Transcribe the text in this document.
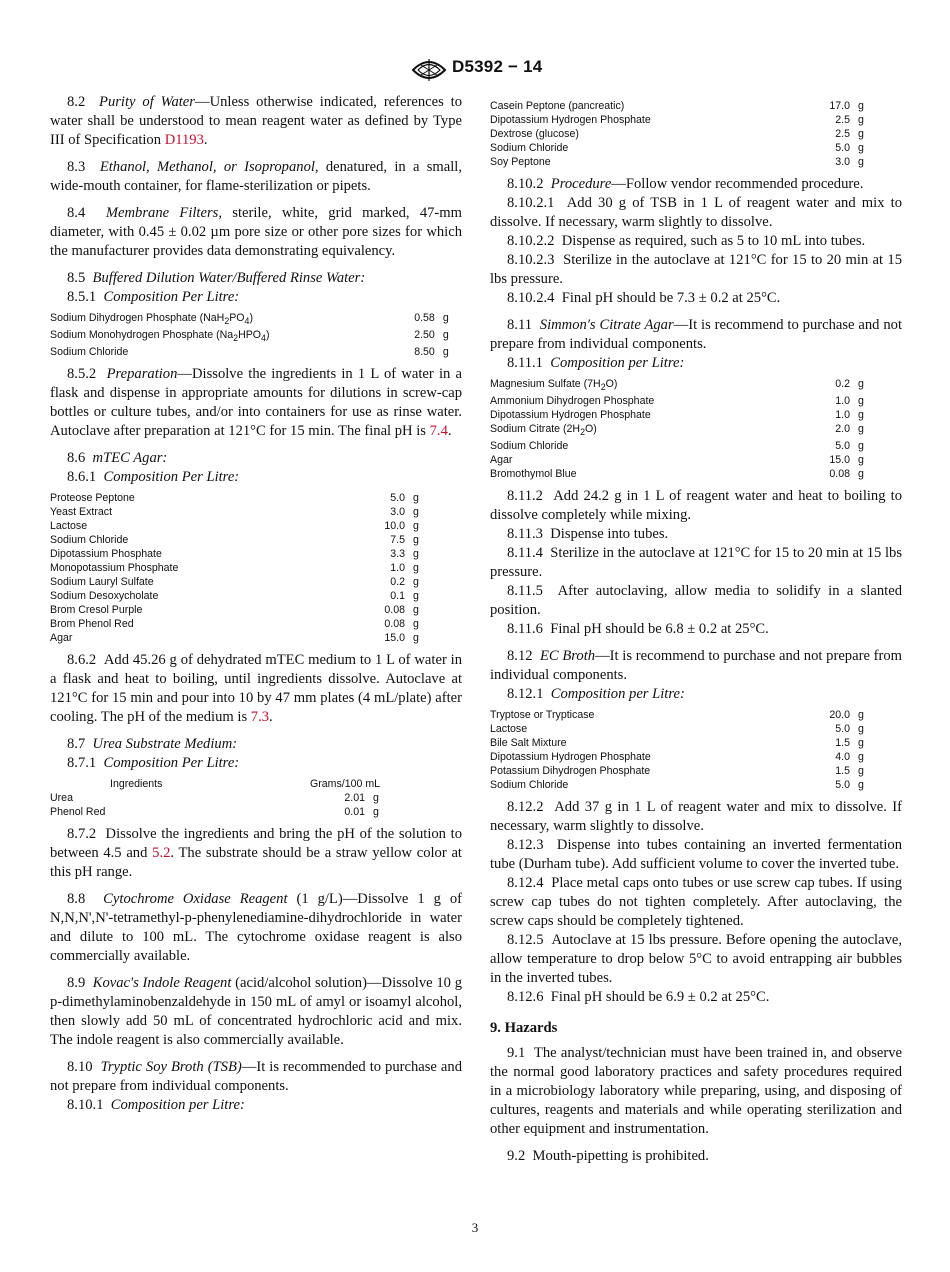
D5392 − 14

8.2 Purity of Water—Unless otherwise indicated, references to water shall be understood to mean reagent water as defined by Type III of Specification D1193.

8.3 Ethanol, Methanol, or Isopropanol, denatured, in a small, wide-mouth container, for flame-sterilization or pipets.

8.4 Membrane Filters, sterile, white, grid marked, 47-mm diameter, with 0.45 ± 0.02 µm pore size or other pore sizes for which the manufacturer provides data demonstrating equivalency.

8.5 Buffered Dilution Water/Buffered Rinse Water:

8.5.1 Composition Per Litre:

Sodium Dihydrogen Phosphate $(NaH_2PO_4)$	0.58 g
Sodium Monohydrogen Phosphate $(Na_2HPO_4)$	2.50 g
Sodium Chloride	8.50 g

8.5.2 Preparation—Dissolve the ingredients in 1 L of water in a flask and dispense in appropriate amounts for dilutions in screw-cap bottles or culture tubes, and/or into containers for use as rinse water. Autoclave after preparation at 121°C for 15 min. The final pH is 7.4.

8.6 mTEC Agar:

8.6.1 Composition Per Litre:

Proteose Peptone	5.0 g
Yeast Extract	3.0 g
Lactose	10.0 g
Sodium Chloride	7.5 g
Dipotassium Phosphate	3.3 g
Monopotassium Phosphate	1.0 g
Sodium Lauryl Sulfate	0.2 g
Sodium Desoxycholate	0.1 g
Brom Cresol Purple	0.08 g
Brom Phenol Red	0.08 g
Agar	15.0 g

8.6.2 Add 45.26 g of dehydrated mTEC medium to 1 L of water in a flask and heat to boiling, until ingredients dissolve. Autoclave at 121°C for 15 min and pour into 10 by 47 mm plates (4 mL/plate) after cooling. The pH of the medium is 7.3.

8.7 Urea Substrate Medium:

8.7.1 Composition Per Litre:

Ingredients	Grams/100 mL
Urea	2.01 g
Phenol Red	0.01 g

8.7.2 Dissolve the ingredients and bring the pH of the solution to between 4.5 and 5.2. The substrate should be a straw yellow color at this pH range.

8.8 Cytochrome Oxidase Reagent (1 g/L)—Dissolve 1 g of N,N,N',N'-tetramethyl-p-phenylenediamine-dihydrochloride in water and dilute to 100 mL. The cytochrome oxidase reagent is also commercially available.

8.9 Kovac's Indole Reagent (acid/alcohol solution)—Dissolve 10 g p-dimethylaminobenzaldehyde in 150 mL of amyl or isoamyl alcohol, then slowly add 50 mL of concentrated hydrochloric acid and mix. The indole reagent is also commercially available.

8.10 Tryptic Soy Broth (TSB)—It is recommended to purchase and not prepare from individual components.

8.10.1 Composition per Litre:

Casein Peptone (pancreatic)	17.0 g
Dipotassium Hydrogen Phosphate	2.5 g
Dextrose (glucose)	2.5 g
Sodium Chloride	5.0 g
Soy Peptone	3.0 g

8.10.2 Procedure—Follow vendor recommended procedure.

8.10.2.1 Add 30 g of TSB in 1 L of reagent water and mix to dissolve. If necessary, warm slightly to dissolve.

8.10.2.2 Dispense as required, such as 5 to 10 mL into tubes.

8.10.2.3 Sterilize in the autoclave at 121°C for 15 to 20 min at 15 lbs pressure.

8.10.2.4 Final pH should be 7.3 ± 0.2 at 25°C.

8.11 Simmon's Citrate Agar—It is recommend to purchase and not prepare from individual components.

8.11.1 Composition per Litre:

Magnesium Sulfate $(7H_2O)$	0.2 g
Ammonium Dihydrogen Phosphate	1.0 g
Dipotassium Hydrogen Phosphate	1.0 g
Sodium Citrate $(2H_2O)$	2.0 g
Sodium Chloride	5.0 g
Agar	15.0 g
Bromothymol Blue	0.08 g

8.11.2 Add 24.2 g in 1 L of reagent water and heat to boiling to dissolve completely while mixing.

8.11.3 Dispense into tubes.

8.11.4 Sterilize in the autoclave at 121°C for 15 to 20 min at 15 lbs pressure.

8.11.5 After autoclaving, allow media to solidify in a slanted position.

8.11.6 Final pH should be 6.8 ± 0.2 at 25°C.

8.12 EC Broth—It is recommend to purchase and not prepare from individual components.

8.12.1 Composition per Litre:

Tryptose or Trypticase	20.0 g
Lactose	5.0 g
Bile Salt Mixture	1.5 g
Dipotassium Hydrogen Phosphate	4.0 g
Potassium Dihydrogen Phosphate	1.5 g
Sodium Chloride	5.0 g

8.12.2 Add 37 g in 1 L of reagent water and mix to dissolve. If necessary, warm slightly to dissolve.

8.12.3 Dispense into tubes containing an inverted fermentation tube (Durham tube). Add sufficient volume to cover the inverted tube.

8.12.4 Place metal caps onto tubes or use screw cap tubes. If using screw cap tubes do not tighten completely. After autoclaving, the screw caps should be completely tightened.

8.12.5 Autoclave at 15 lbs pressure. Before opening the autoclave, allow temperature to drop below 5°C to avoid entrapping air bubbles in the inverted tubes.

8.12.6 Final pH should be 6.9 ± 0.2 at 25°C.

9. Hazards

9.1 The analyst/technician must have been trained in, and observe the normal good laboratory practices and safety procedures required in a microbiology laboratory while preparing, using, and disposing of cultures, reagents and materials and while operating sterilization and other equipment and instrumentation.

9.2 Mouth-pipetting is prohibited.

3
